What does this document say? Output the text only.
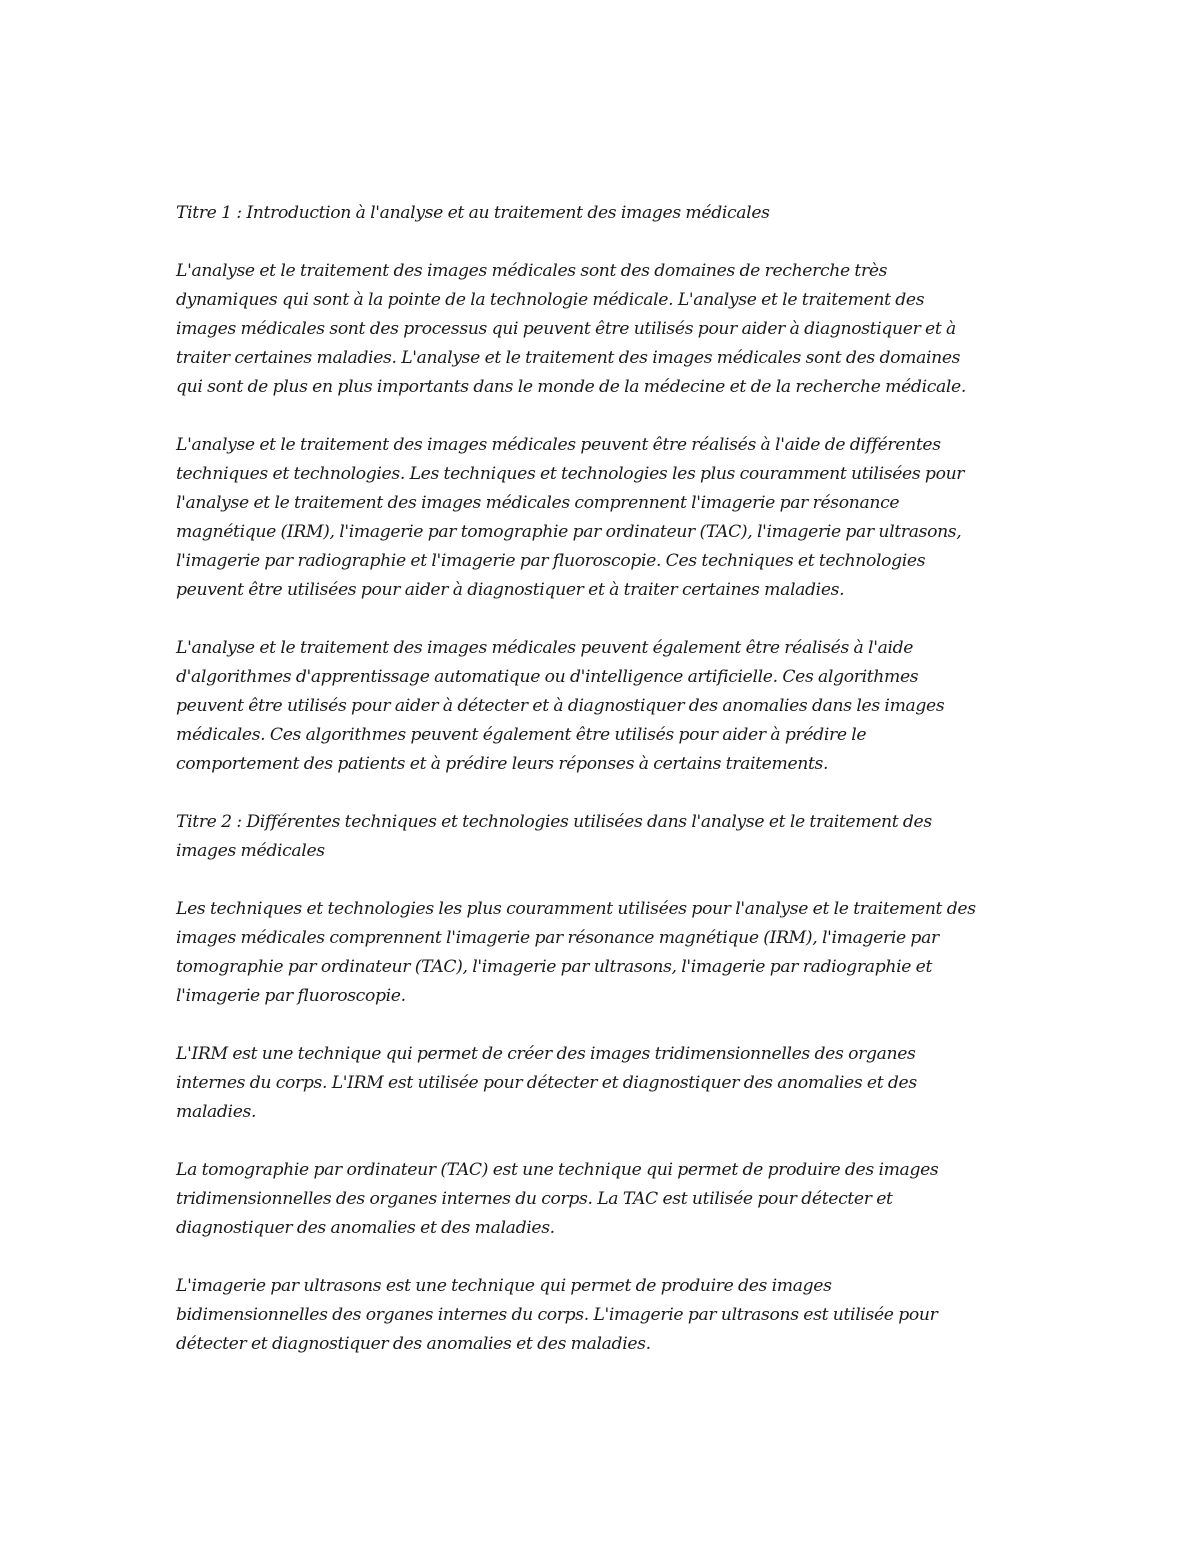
Titre 1 : Introduction à l'analyse et au traitement des images médicales
L'analyse et le traitement des images médicales sont des domaines de recherche très
dynamiques qui sont à la pointe de la technologie médicale. L'analyse et le traitement des
images médicales sont des processus qui peuvent être utilisés pour aider à diagnostiquer et à
traiter certaines maladies. L'analyse et le traitement des images médicales sont des domaines
qui sont de plus en plus importants dans le monde de la médecine et de la recherche médicale.
L'analyse et le traitement des images médicales peuvent être réalisés à l'aide de différentes
techniques et technologies. Les techniques et technologies les plus couramment utilisées pour
l'analyse et le traitement des images médicales comprennent l'imagerie par résonance
magnétique (IRM), l'imagerie par tomographie par ordinateur (TAC), l'imagerie par ultrasons,
l'imagerie par radiographie et l'imagerie par fluoroscopie. Ces techniques et technologies
peuvent être utilisées pour aider à diagnostiquer et à traiter certaines maladies.
L'analyse et le traitement des images médicales peuvent également être réalisés à l'aide
d'algorithmes d'apprentissage automatique ou d'intelligence artificielle. Ces algorithmes
peuvent être utilisés pour aider à détecter et à diagnostiquer des anomalies dans les images
médicales. Ces algorithmes peuvent également être utilisés pour aider à prédire le
comportement des patients et à prédire leurs réponses à certains traitements.
Titre 2 : Différentes techniques et technologies utilisées dans l'analyse et le traitement des
images médicales
Les techniques et technologies les plus couramment utilisées pour l'analyse et le traitement des
images médicales comprennent l'imagerie par résonance magnétique (IRM), l'imagerie par
tomographie par ordinateur (TAC), l'imagerie par ultrasons, l'imagerie par radiographie et
l'imagerie par fluoroscopie.
L'IRM est une technique qui permet de créer des images tridimensionnelles des organes
internes du corps. L'IRM est utilisée pour détecter et diagnostiquer des anomalies et des
maladies.
La tomographie par ordinateur (TAC) est une technique qui permet de produire des images
tridimensionnelles des organes internes du corps. La TAC est utilisée pour détecter et
diagnostiquer des anomalies et des maladies.
L'imagerie par ultrasons est une technique qui permet de produire des images
bidimensionnelles des organes internes du corps. L'imagerie par ultrasons est utilisée pour
détecter et diagnostiquer des anomalies et des maladies.
